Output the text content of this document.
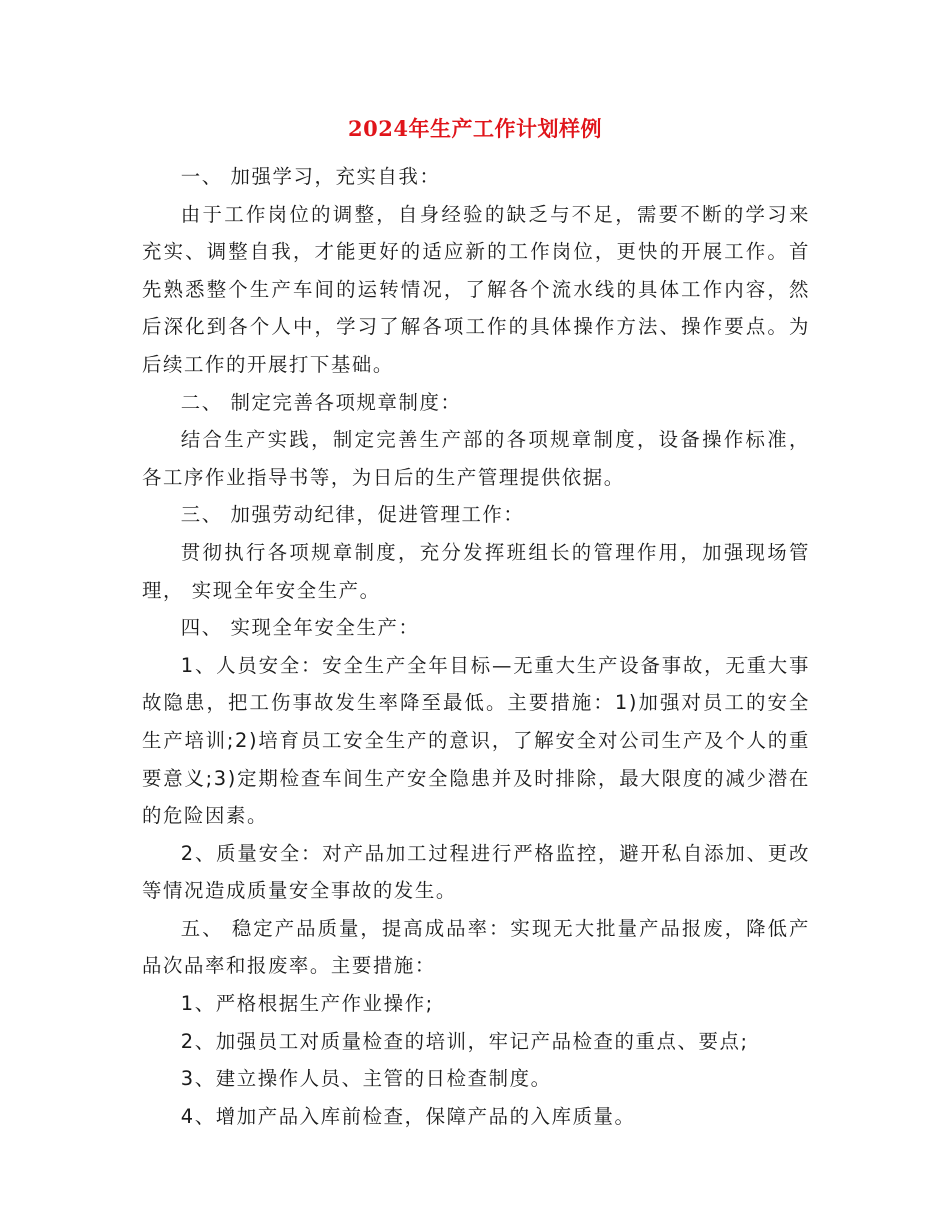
2024年生产工作计划样例

一、 加强学习，充实自我：

由于工作岗位的调整，自身经验的缺乏与不足，需要不断的学习来充实、调整自我，才能更好的适应新的工作岗位，更快的开展工作。首先熟悉整个生产车间的运转情况，了解各个流水线的具体工作内容，然后深化到各个人中，学习了解各项工作的具体操作方法、操作要点。为后续工作的开展打下基础。

二、 制定完善各项规章制度：

结合生产实践，制定完善生产部的各项规章制度，设备操作标准，各工序作业指导书等，为日后的生产管理提供依据。

三、 加强劳动纪律，促进管理工作：

贯彻执行各项规章制度，充分发挥班组长的管理作用，加强现场管理， 实现全年安全生产。

四、 实现全年安全生产：

1、人员安全：安全生产全年目标—无重大生产设备事故，无重大事故隐患，把工伤事故发生率降至最低。主要措施：1)加强对员工的安全生产培训;2)培育员工安全生产的意识，了解安全对公司生产及个人的重要意义;3)定期检查车间生产安全隐患并及时排除，最大限度的减少潜在的危险因素。

2、质量安全：对产品加工过程进行严格监控，避开私自添加、更改等情况造成质量安全事故的发生。

五、 稳定产品质量，提高成品率：实现无大批量产品报废，降低产品次品率和报废率。主要措施：

1、严格根据生产作业操作;

2、加强员工对质量检查的培训，牢记产品检查的重点、要点;

3、建立操作人员、主管的日检查制度。

4、增加产品入库前检查，保障产品的入库质量。
